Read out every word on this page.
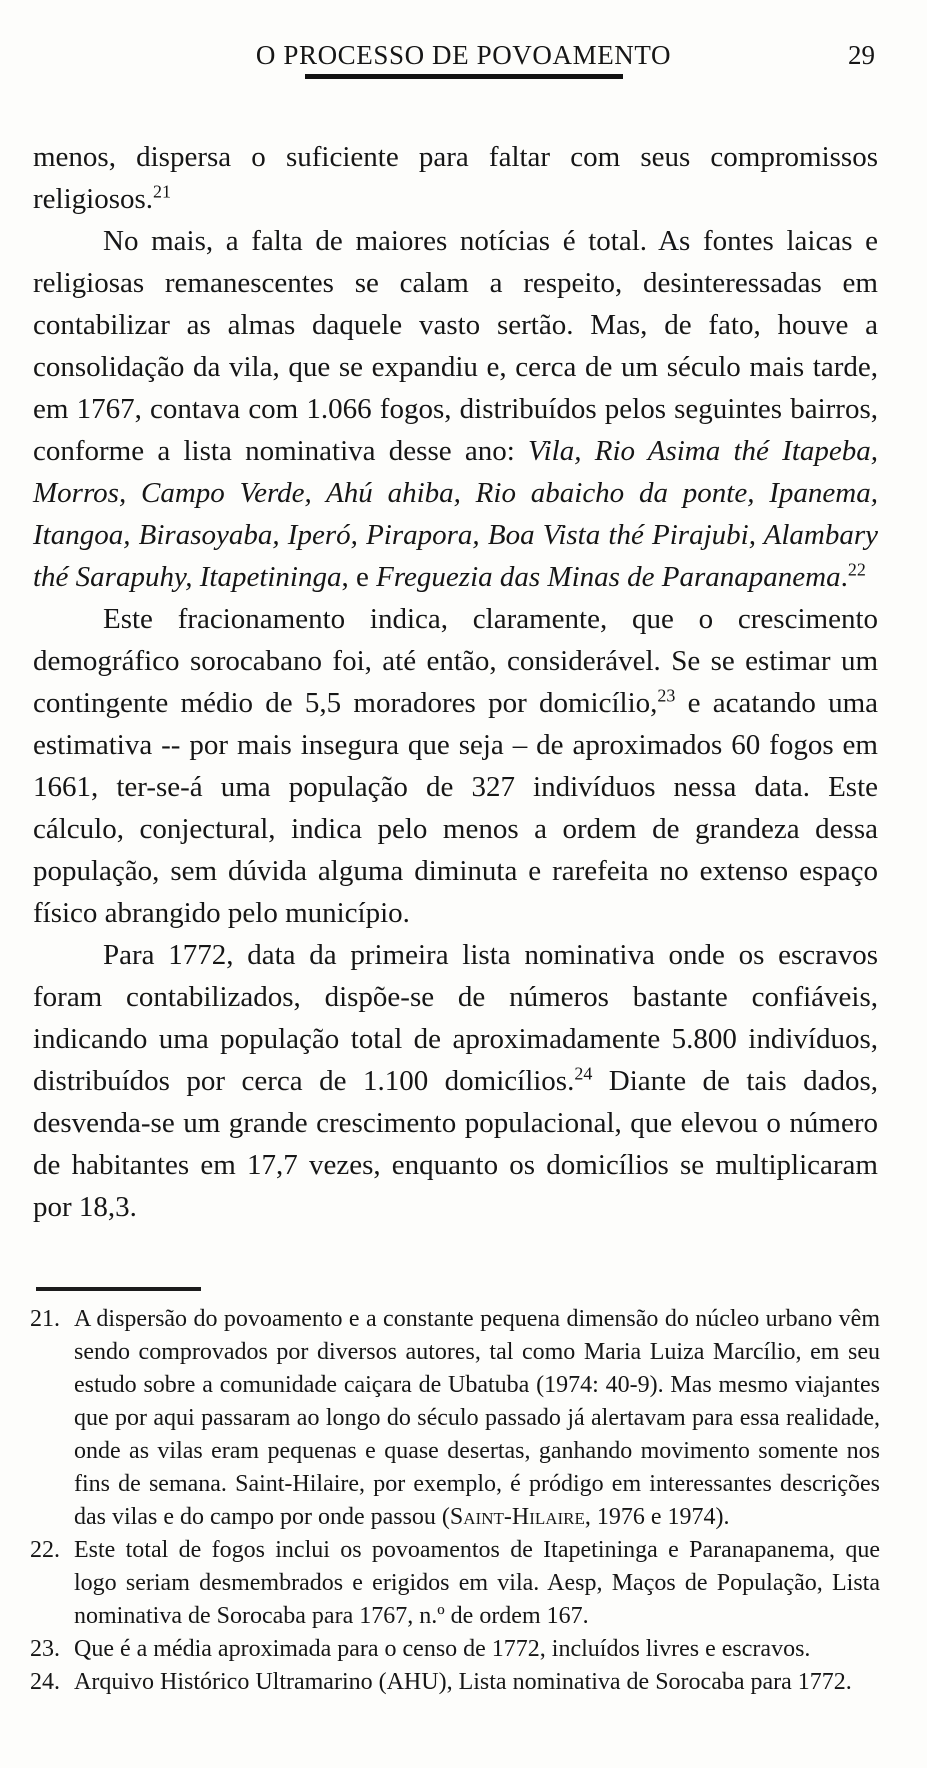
O PROCESSO DE POVOAMENTO	29

menos, dispersa o suficiente para faltar com seus compromissos religiosos.$^{21}$

No mais, a falta de maiores notícias é total. As fontes laicas e religiosas remanescentes se calam a respeito, desinteressadas em contabilizar as almas daquele vasto sertão. Mas, de fato, houve a consolidação da vila, que se expandiu e, cerca de um século mais tarde, em 1767, contava com 1.066 fogos, distribuídos pelos seguintes bairros, conforme a lista nominativa desse ano: Vila, Rio Asima thé Itapeba, Morros, Campo Verde, Ahú ahiba, Rio abaicho da ponte, Ipanema, Itangoa, Birasoyaba, Iperó, Pirapora, Boa Vista thé Pirajubi, Alambary thé Sarapuhy, Itapetininga, e Freguezia das Minas de Paranapanema.$^{22}$

Este fracionamento indica, claramente, que o crescimento demográfico sorocabano foi, até então, considerável. Se se estimar um contingente médio de 5,5 moradores por domicílio,$^{23}$ e acatando uma estimativa -- por mais insegura que seja – de aproximados 60 fogos em 1661, ter-se-á uma população de 327 indivíduos nessa data. Este cálculo, conjectural, indica pelo menos a ordem de grandeza dessa população, sem dúvida alguma diminuta e rarefeita no extenso espaço físico abrangido pelo município.

Para 1772, data da primeira lista nominativa onde os escravos foram contabilizados, dispõe-se de números bastante confiáveis, indicando uma população total de aproximadamente 5.800 indivíduos, distribuídos por cerca de 1.100 domicílios.$^{24}$ Diante de tais dados, desvenda-se um grande crescimento populacional, que elevou o número de habitantes em 17,7 vezes, enquanto os domicílios se multiplicaram por 18,3.

21. A dispersão do povoamento e a constante pequena dimensão do núcleo urbano vêm sendo comprovados por diversos autores, tal como Maria Luiza Marcílio, em seu estudo sobre a comunidade caiçara de Ubatuba (1974: 40-9). Mas mesmo viajantes que por aqui passaram ao longo do século passado já alertavam para essa realidade, onde as vilas eram pequenas e quase desertas, ganhando movimento somente nos fins de semana. Saint-Hilaire, por exemplo, é pródigo em interessantes descrições das vilas e do campo por onde passou (Saint-Hilaire, 1976 e 1974).
22. Este total de fogos inclui os povoamentos de Itapetininga e Paranapanema, que logo seriam desmembrados e erigidos em vila. Aesp, Maços de População, Lista nominativa de Sorocaba para 1767, n.º de ordem 167.
23. Que é a média aproximada para o censo de 1772, incluídos livres e escravos.
24. Arquivo Histórico Ultramarino (AHU), Lista nominativa de Sorocaba para 1772.
